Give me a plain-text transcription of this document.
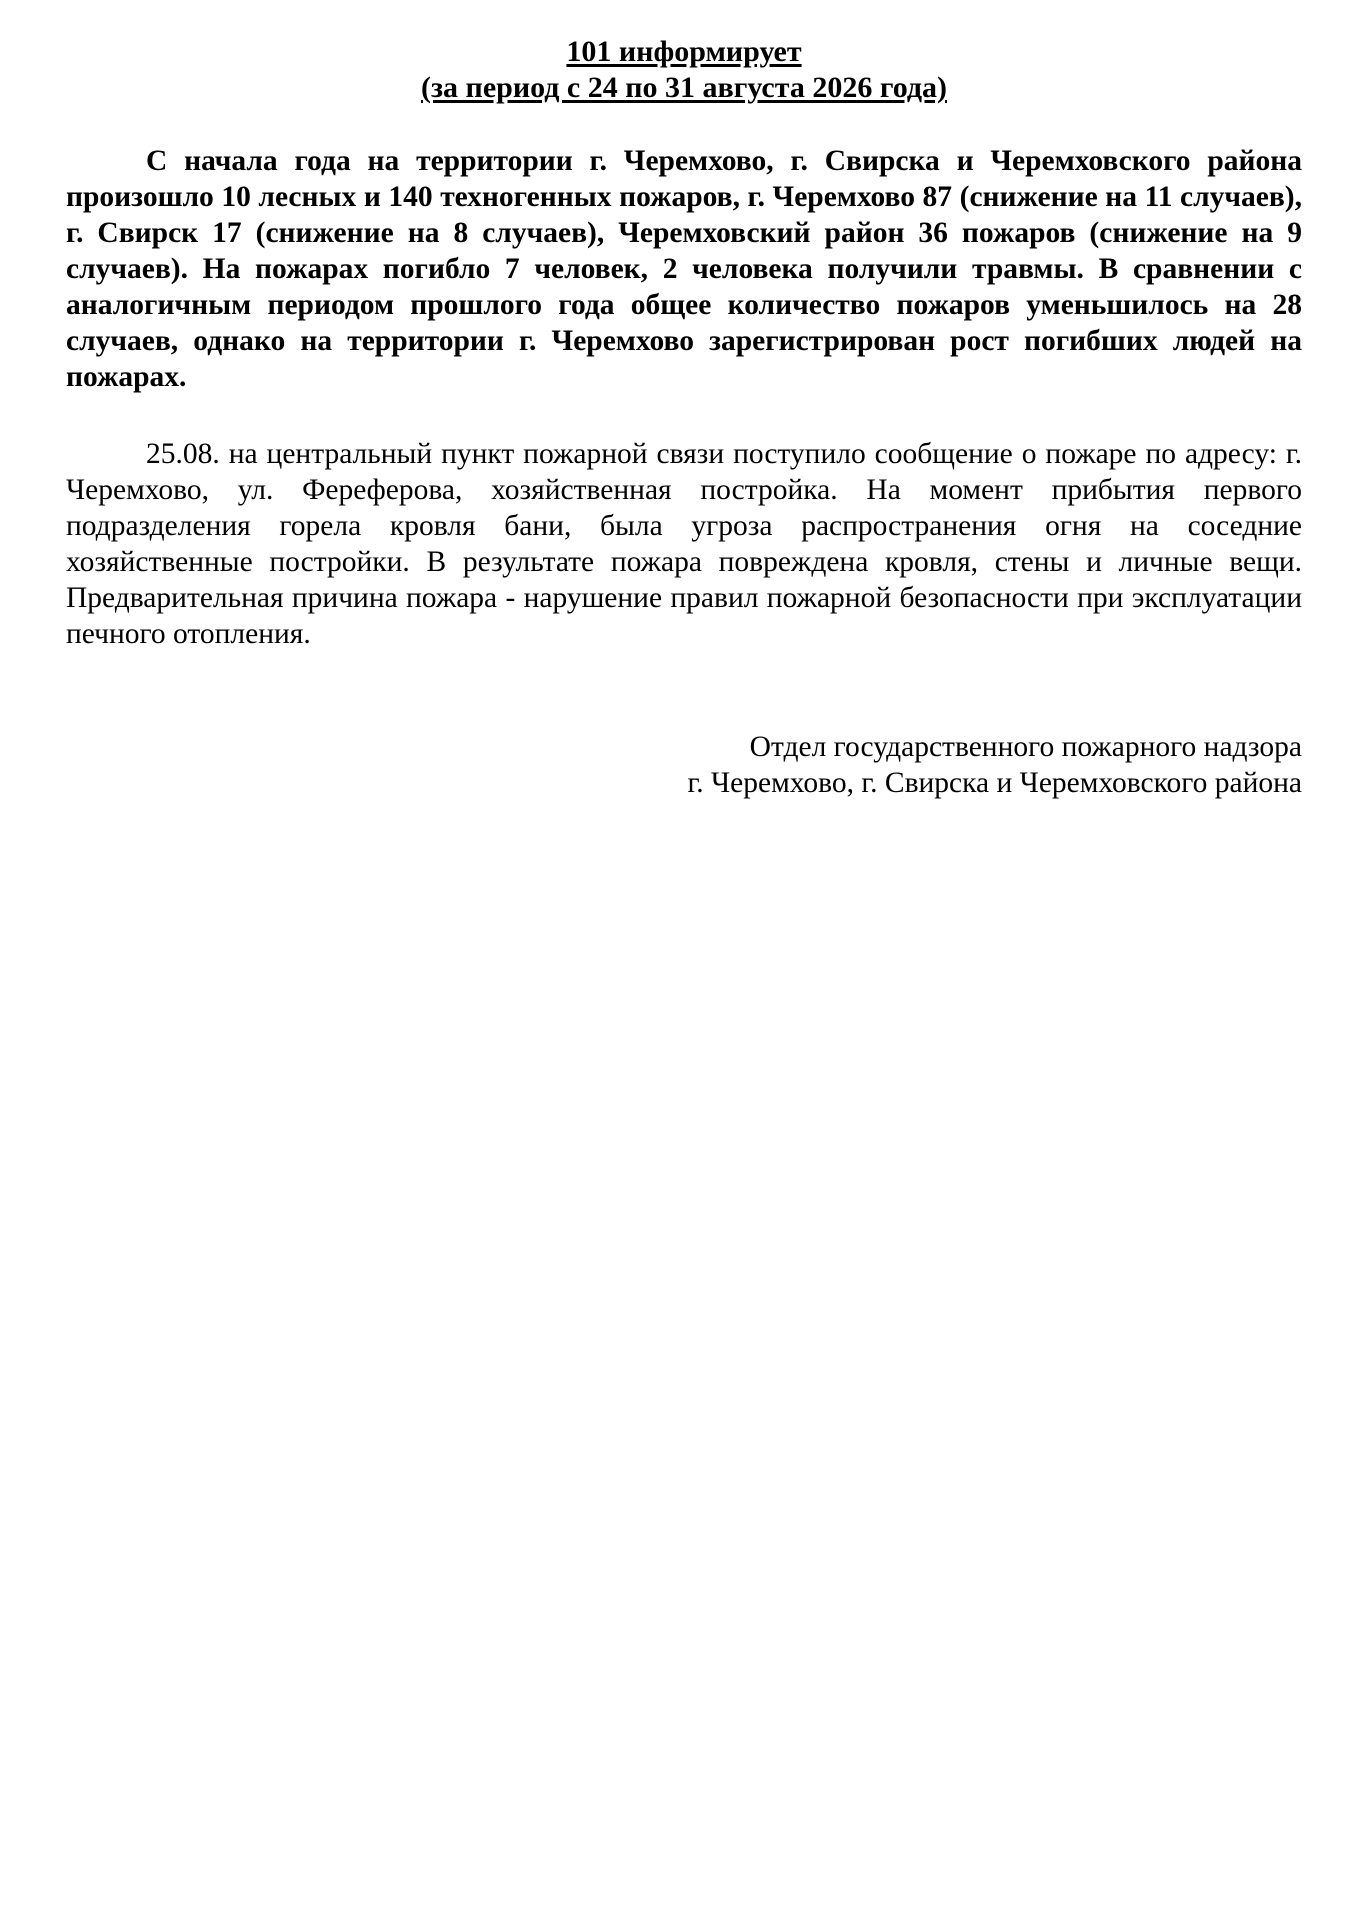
101 информирует
(за период с 24 по 31 августа 2026 года)

С начала года на территории г. Черемхово, г. Свирска и Черемховского района произошло 10 лесных и 140 техногенных пожаров, г. Черемхово 87 (снижение на 11 случаев), г. Свирск 17 (снижение на 8 случаев), Черемховский район 36 пожаров (снижение на 9 случаев). На пожарах погибло 7 человек, 2 человека получили травмы. В сравнении с аналогичным периодом прошлого года общее количество пожаров уменьшилось на 28 случаев, однако на территории г. Черемхово зарегистрирован рост погибших людей на пожарах.

25.08. на центральный пункт пожарной связи поступило сообщение о пожаре по адресу: г. Черемхово, ул. Фереферова, хозяйственная постройка. На момент прибытия первого подразделения горела кровля бани, была угроза распространения огня на соседние хозяйственные постройки. В результате пожара повреждена кровля, стены и личные вещи. Предварительная причина пожара - нарушение правил пожарной безопасности при эксплуатации печного отопления.

Отдел государственного пожарного надзора
г. Черемхово, г. Свирска и Черемховского района
